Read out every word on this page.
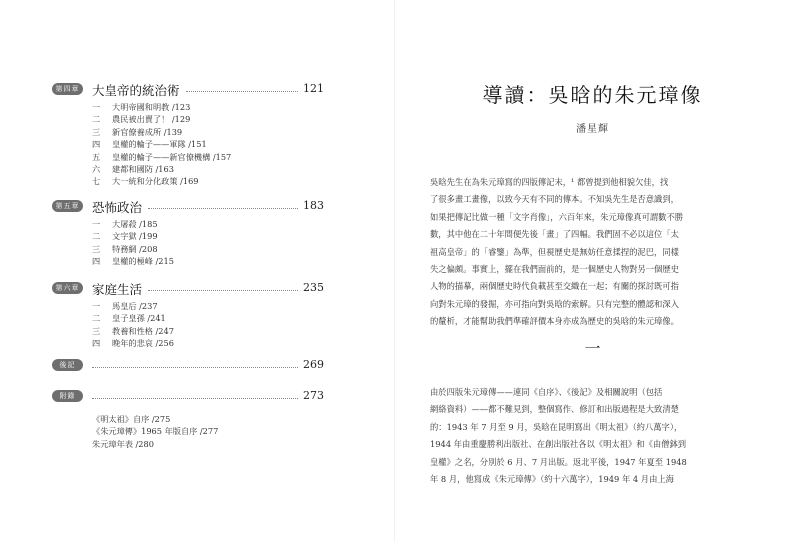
第四章 大皇帝的統治術	121
一	大明帝國和明教 /123
二	農民被出賣了！ /129
三	新官僚養成所 /139
四	皇權的輪子——軍隊 /151
五	皇權的輪子——新官僚機構 /157
六	建都和國防 /163
七	大一統和分化政策 /169
第五章 恐怖政治	183
一	大屠殺 /185
二	文字獄 /199
三	特務網 /208
四	皇權的極峰 /215
第六章 家庭生活	235
一	馬皇后 /237
二	皇子皇孫 /241
三	教養和性格 /247
四	晚年的悲哀 /256
後記	269
附錄	273
《明太祖》自序 /275
《朱元璋傳》1965 年版自序 /277
朱元璋年表 /280
導讀：吳晗的朱元璋像
潘星輝
吳晗先生在為朱元璋寫的四版傳記末，¹ 都曾提到他相貌欠佳，找
了很多畫工畫像，以致今天有不同的傳本。不知吳先生是否意識到，
如果把傳記比做一種「文字肖像」，六百年來，朱元璋像真可謂數不勝
數，其中他在二十年間便先後「畫」了四幅。我們固不必以這位「太
祖高皇帝」的「睿鑒」為準，但視歷史是無妨任意揉捏的泥巴，同樣
失之偏頗。事實上，擺在我們面前的，是一個歷史人物對另一個歷史
人物的描摹，兩個歷史時代負載甚至交織在一起；有關的探討既可指
向對朱元璋的發掘，亦可指向對吳晗的索解。只有完整的體認和深入
的釐析，才能幫助我們準確評價本身亦成為歷史的吳晗的朱元璋像。
一
由於四版朱元璋傳——連同《自序》、《後記》及相關說明（包括
網絡資料）——都不難見到，整個寫作、修訂和出版過程是大致清楚
的：1943 年 7 月至 9 月，吳晗在昆明寫出《明太祖》（約八萬字），
1944 年由重慶勝利出版社、在創出版社各以《明太祖》和《由僧鉢到
皇權》之名，分別於 6 月、7 月出版。返北平後，1947 年夏至 1948
年 8 月，他寫成《朱元璋傳》（約十六萬字），1949 年 4 月由上海
